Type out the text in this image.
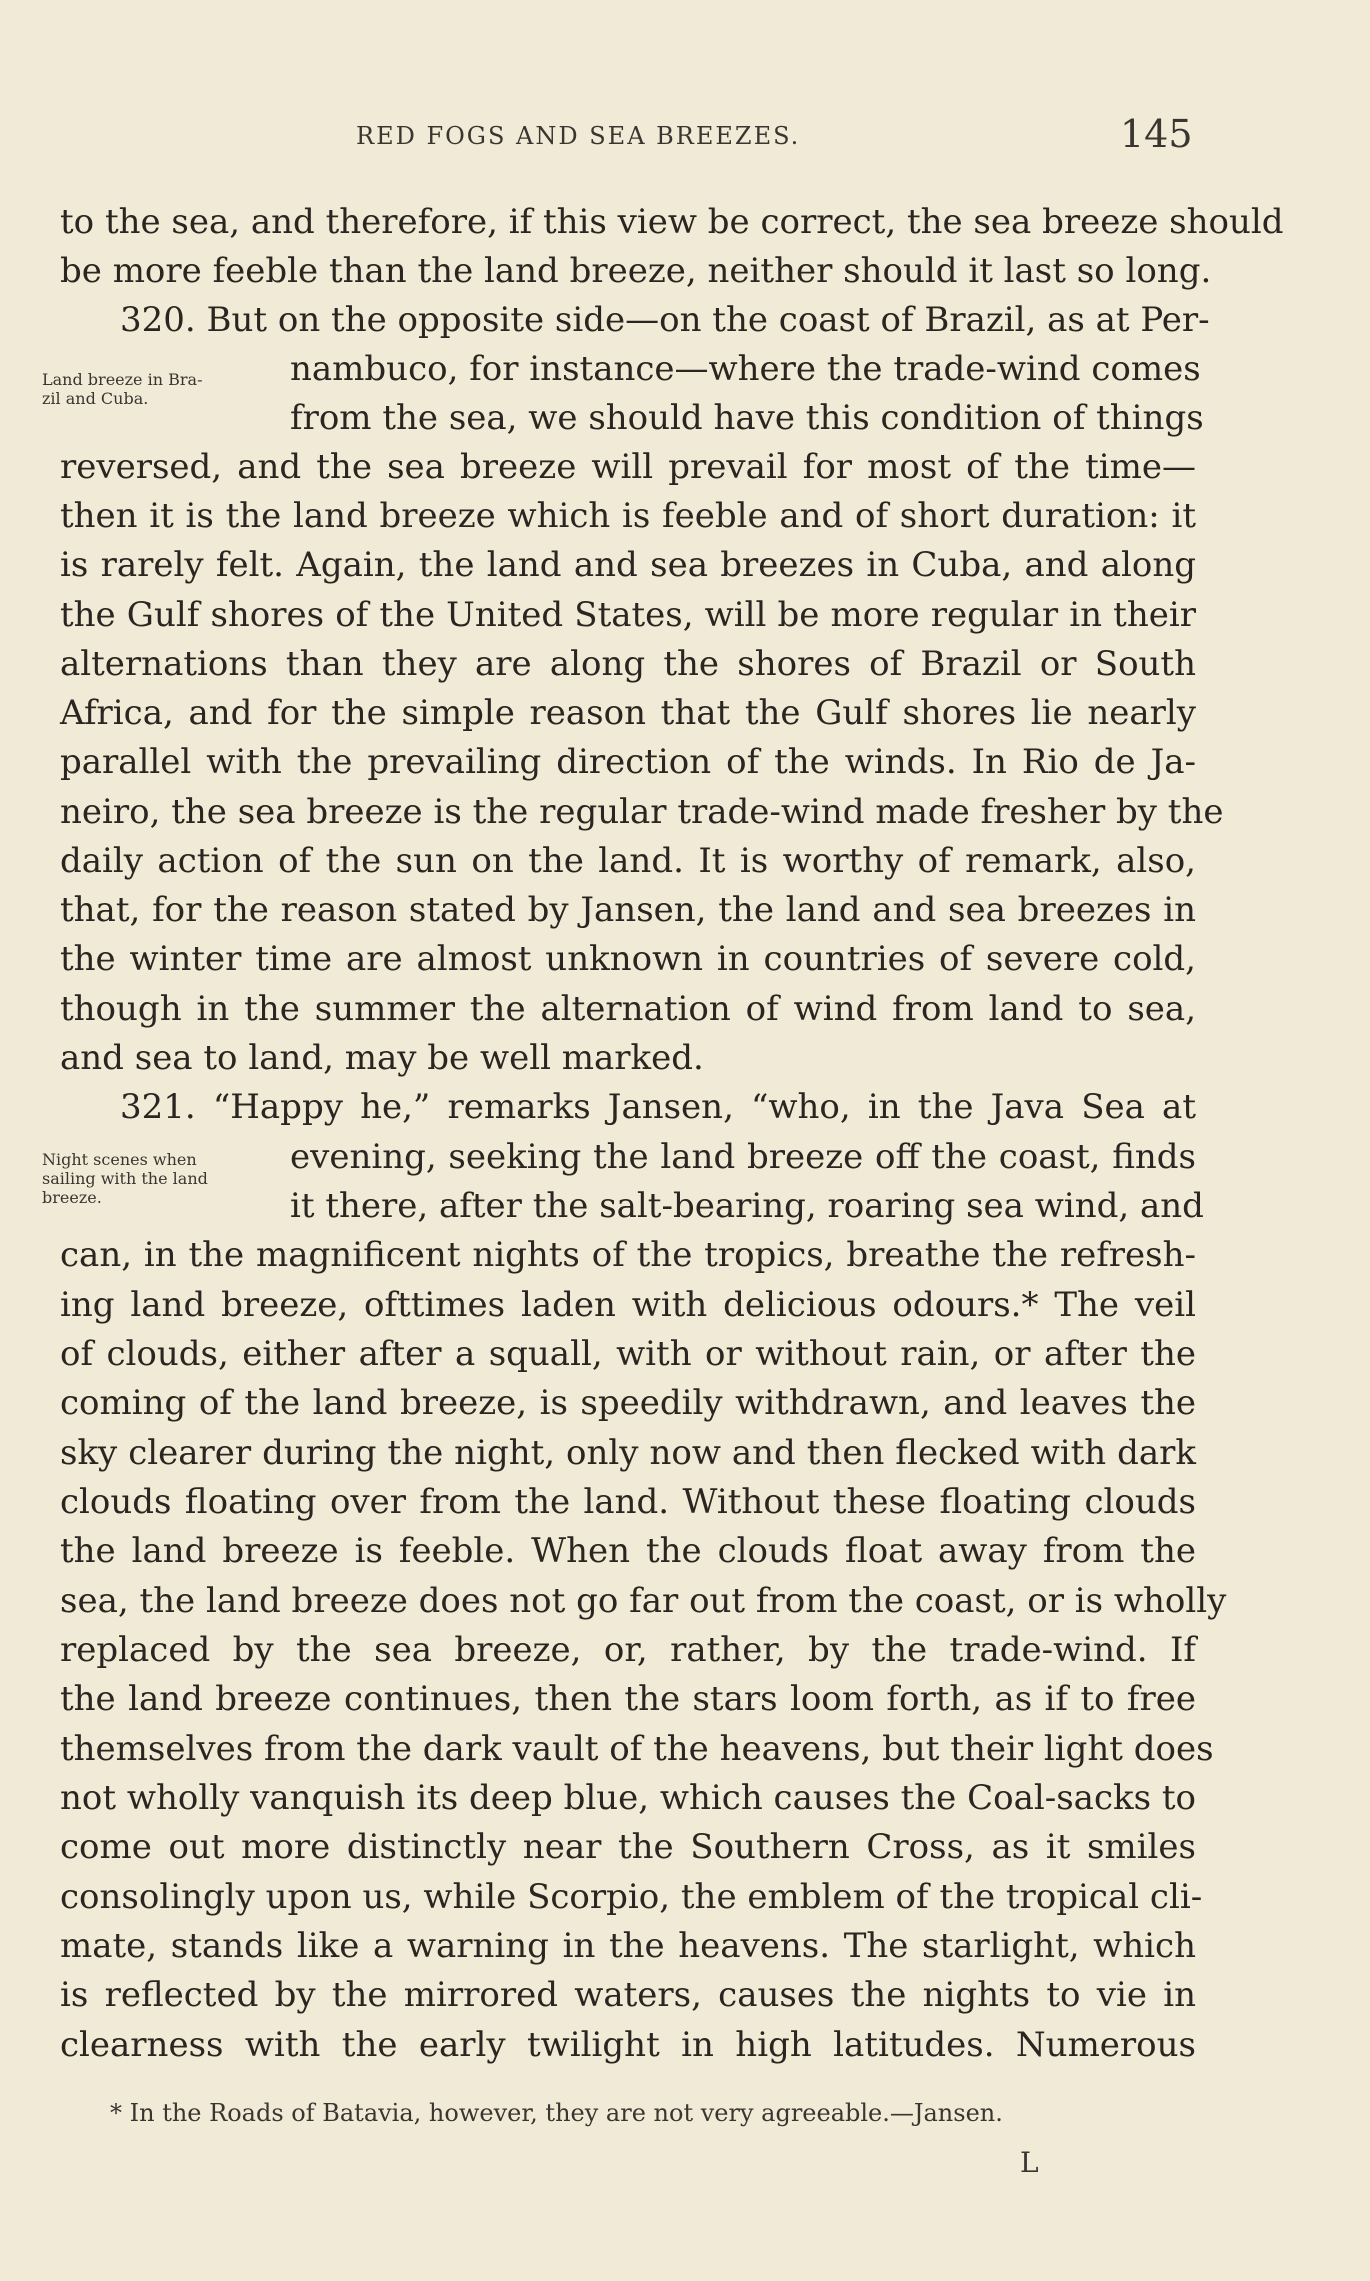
RED FOGS AND SEA BREEZES.	145
Land breeze in Bra-
zil and Cuba.
Night scenes when
sailing with the land
breeze.
to the sea, and therefore, if this view be correct, the sea breeze should
be more feeble than the land breeze, neither should it last so long.
320. But on the opposite side—on the coast of Brazil, as at Per-
nambuco, for instance—where the trade-wind comes
from the sea, we should have this condition of things
reversed, and the sea breeze will prevail for most of the time—
then it is the land breeze which is feeble and of short duration: it
is rarely felt. Again, the land and sea breezes in Cuba, and along
the Gulf shores of the United States, will be more regular in their
alternations than they are along the shores of Brazil or South
Africa, and for the simple reason that the Gulf shores lie nearly
parallel with the prevailing direction of the winds. In Rio de Ja-
neiro, the sea breeze is the regular trade-wind made fresher by the
daily action of the sun on the land. It is worthy of remark, also,
that, for the reason stated by Jansen, the land and sea breezes in
the winter time are almost unknown in countries of severe cold,
though in the summer the alternation of wind from land to sea,
and sea to land, may be well marked.
321. “Happy he,” remarks Jansen, “who, in the Java Sea at
evening, seeking the land breeze off the coast, finds
it there, after the salt-bearing, roaring sea wind, and
can, in the magnificent nights of the tropics, breathe the refresh-
ing land breeze, ofttimes laden with delicious odours.* The veil
of clouds, either after a squall, with or without rain, or after the
coming of the land breeze, is speedily withdrawn, and leaves the
sky clearer during the night, only now and then flecked with dark
clouds floating over from the land. Without these floating clouds
the land breeze is feeble. When the clouds float away from the
sea, the land breeze does not go far out from the coast, or is wholly
replaced by the sea breeze, or, rather, by the trade-wind. If
the land breeze continues, then the stars loom forth, as if to free
themselves from the dark vault of the heavens, but their light does
not wholly vanquish its deep blue, which causes the Coal-sacks to
come out more distinctly near the Southern Cross, as it smiles
consolingly upon us, while Scorpio, the emblem of the tropical cli-
mate, stands like a warning in the heavens. The starlight, which
is reflected by the mirrored waters, causes the nights to vie in
clearness with the early twilight in high latitudes. Numerous
* In the Roads of Batavia, however, they are not very agreeable.—Jansen.
L
